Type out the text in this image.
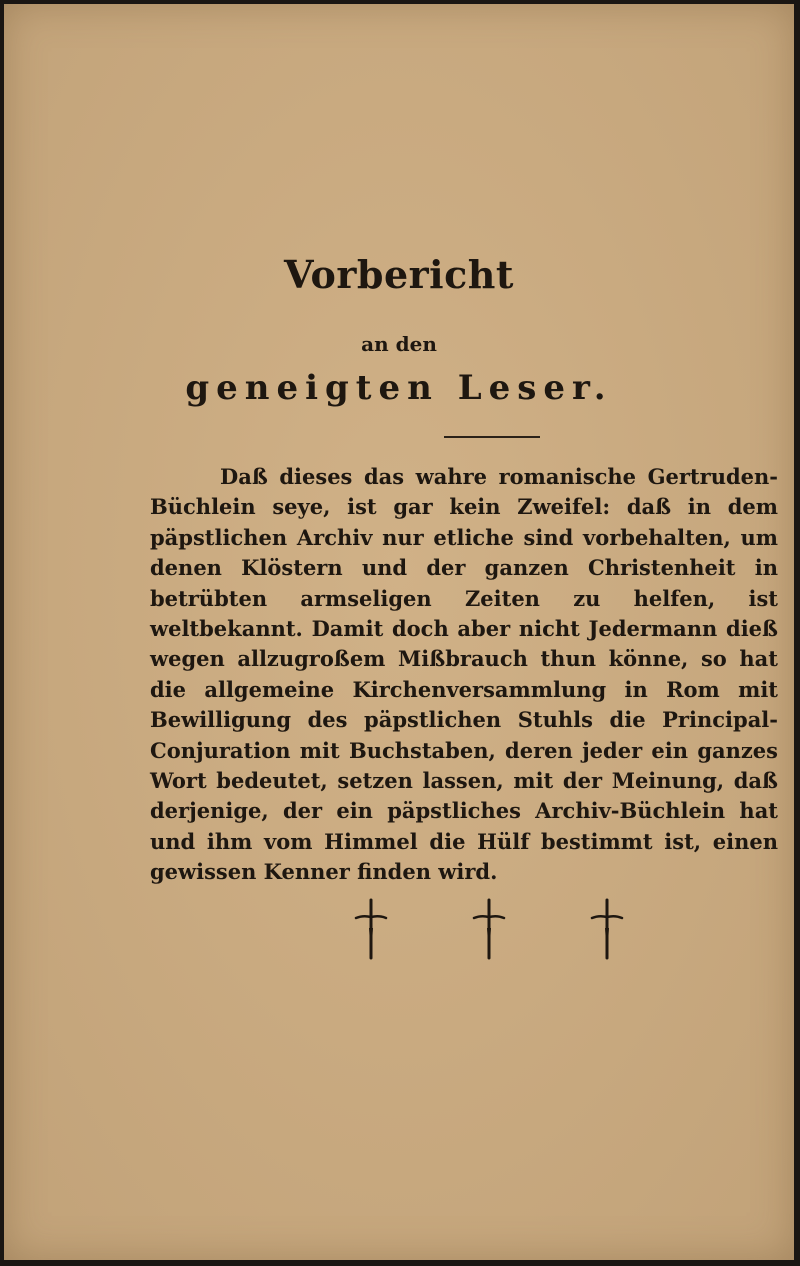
Vorbericht
an den
geneigten Leser.
Daß dieses das wahre romanische Gertruden-Büchlein seye, ist gar kein Zweifel: daß in dem päpstlichen Archiv nur etliche sind vorbehalten, um denen Klöstern und der ganzen Christenheit in betrübten armseligen Zeiten zu helfen, ist weltbekannt. Damit doch aber nicht Jedermann dieß wegen allzugroßem Mißbrauch thun könne, so hat die allgemeine Kirchenversammlung in Rom mit Bewilligung des päpstlichen Stuhls die Principal-Conjuration mit Buchstaben, deren jeder ein ganzes Wort bedeutet, setzen lassen, mit der Meinung, daß derjenige, der ein päpstliches Archiv-Büchlein hat und ihm vom Himmel die Hülf bestimmt ist, einen gewissen Kenner finden wird.
